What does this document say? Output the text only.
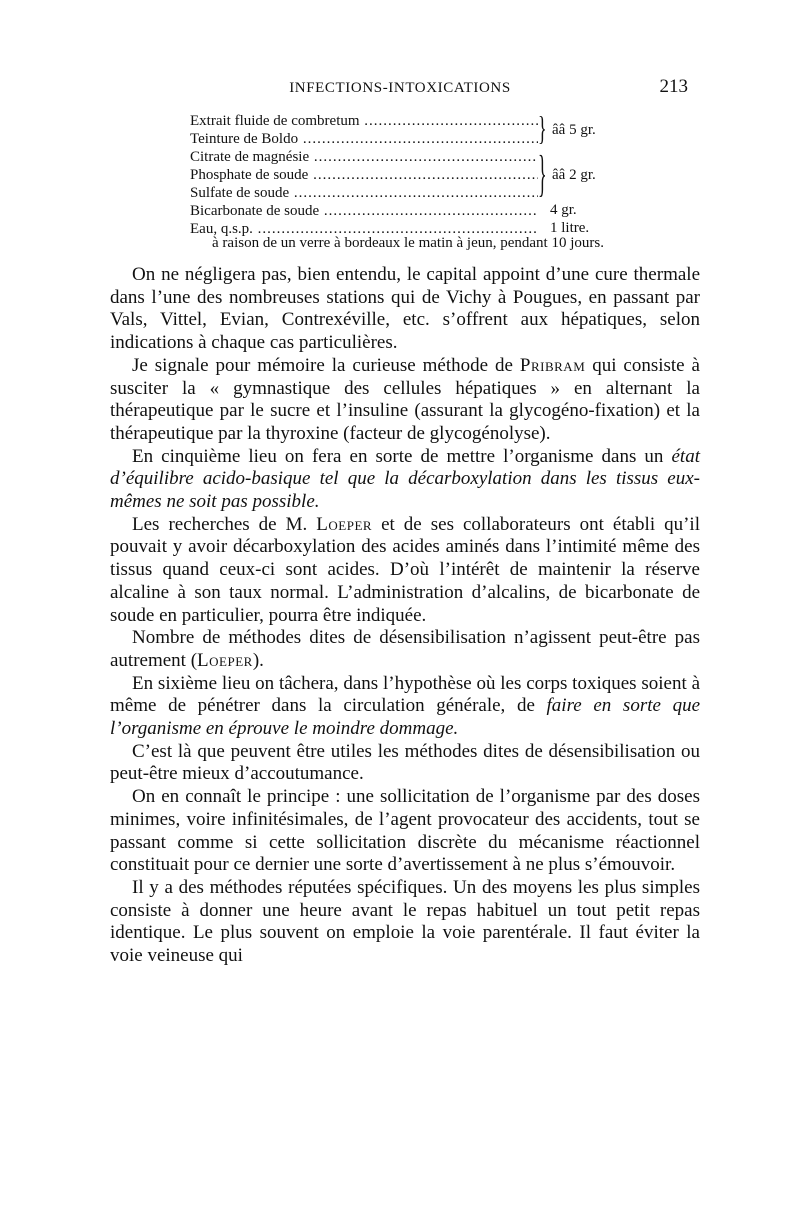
INFECTIONS-INTOXICATIONS	213
Extrait fluide de combretum .....
Teinture de Boldo .....	} ââ 5 gr.
Citrate de magnésie .....
Phosphate de soude .....
Sulfate de soude .....	} ââ 2 gr.
Bicarbonate de soude .....	4 gr.
Eau, q.s.p. .....	1 litre.
à raison de un verre à bordeaux le matin à jeun, pendant 10 jours.

On ne négligera pas, bien entendu, le capital appoint d’une cure thermale dans l’une des nombreuses stations qui de Vichy à Pougues, en passant par Vals, Vittel, Evian, Contrexéville, etc. s’offrent aux hépatiques, selon indications à chaque cas particulières.

Je signale pour mémoire la curieuse méthode de Pribram qui consiste à susciter la « gymnastique des cellules hépatiques » en alternant la thérapeutique par le sucre et l’insuline (assurant la glycogéno-fixation) et la thérapeutique par la thyroxine (facteur de glycogénolyse).

En cinquième lieu on fera en sorte de mettre l’organisme dans un état d’équilibre acido-basique tel que la décarboxylation dans les tissus eux-mêmes ne soit pas possible.

Les recherches de M. Loeper et de ses collaborateurs ont établi qu’il pouvait y avoir décarboxylation des acides aminés dans l’intimité même des tissus quand ceux-ci sont acides. D’où l’intérêt de maintenir la réserve alcaline à son taux normal. L’administration d’alcalins, de bicarbonate de soude en particulier, pourra être indiquée.

Nombre de méthodes dites de désensibilisation n’agissent peut-être pas autrement (Loeper).

En sixième lieu on tâchera, dans l’hypothèse où les corps toxiques soient à même de pénétrer dans la circulation générale, de faire en sorte que l’organisme en éprouve le moindre dommage.

C’est là que peuvent être utiles les méthodes dites de désensibilisation ou peut-être mieux d’accoutumance.

On en connaît le principe : une sollicitation de l’organisme par des doses minimes, voire infinitésimales, de l’agent provocateur des accidents, tout se passant comme si cette sollicitation discrète du mécanisme réactionnel constituait pour ce dernier une sorte d’avertissement à ne plus s’émouvoir.

Il y a des méthodes réputées spécifiques. Un des moyens les plus simples consiste à donner une heure avant le repas habituel un tout petit repas identique. Le plus souvent on emploie la voie parentérale. Il faut éviter la voie veineuse qui
